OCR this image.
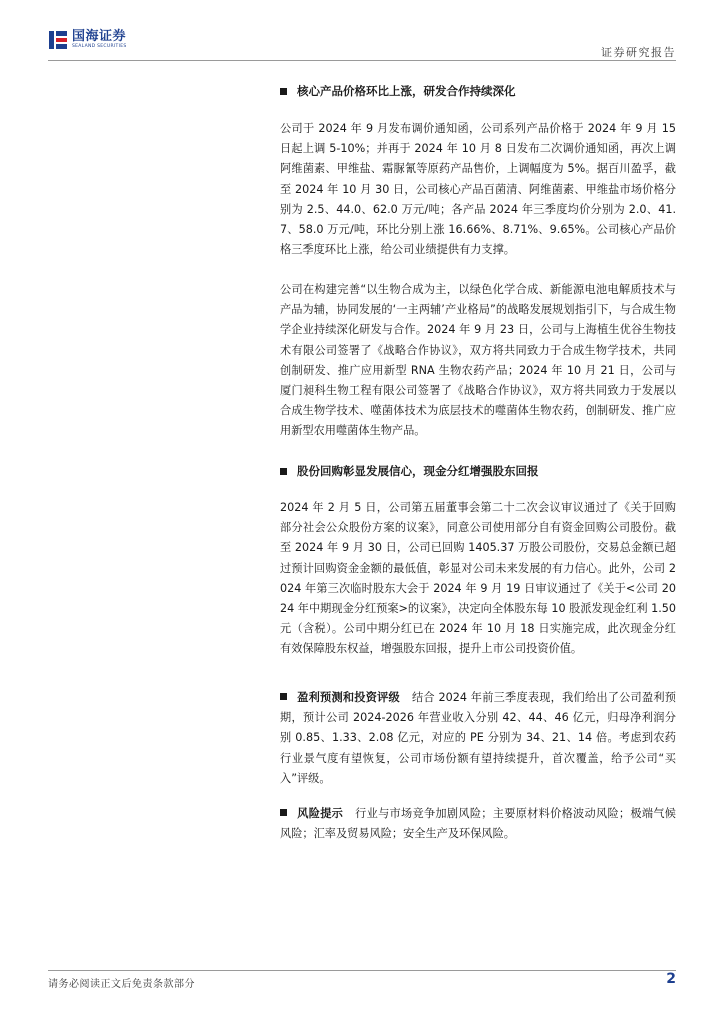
国海证券
SEALAND SECURITIES	证券研究报告
核心产品价格环比上涨，研发合作持续深化
公司于 2024 年 9 月发布调价通知函，公司系列产品价格于 2024 年 9 月 15 日起上调 5-10%；并再于 2024 年 10 月 8 日发布二次调价通知函，再次上调阿维菌素、甲维盐、霜脲氰等原药产品售价，上调幅度为 5%。据百川盈孚，截至 2024 年 10 月 30 日，公司核心产品百菌清、阿维菌素、甲维盐市场价格分别为 2.5、44.0、62.0 万元/吨；各产品 2024 年三季度均价分别为 2.0、41.7、58.0 万元/吨，环比分别上涨 16.66%、8.71%、9.65%。公司核心产品价格三季度环比上涨，给公司业绩提供有力支撑。
公司在构建完善“以生物合成为主，以绿色化学合成、新能源电池电解质技术与产品为辅，协同发展的‘一主两辅’产业格局”的战略发展规划指引下，与合成生物学企业持续深化研发与合作。2024 年 9 月 23 日，公司与上海植生优谷生物技术有限公司签署了《战略合作协议》，双方将共同致力于合成生物学技术，共同创制研发、推广应用新型 RNA 生物农药产品；2024 年 10 月 21 日，公司与厦门昶科生物工程有限公司签署了《战略合作协议》，双方将共同致力于发展以合成生物学技术、噬菌体技术为底层技术的噬菌体生物农药，创制研发、推广应用新型农用噬菌体生物产品。
股份回购彰显发展信心，现金分红增强股东回报
2024 年 2 月 5 日，公司第五届董事会第二十二次会议审议通过了《关于回购部分社会公众股份方案的议案》，同意公司使用部分自有资金回购公司股份。截至 2024 年 9 月 30 日，公司已回购 1405.37 万股公司股份，交易总金额已超过预计回购资金金额的最低值，彰显对公司未来发展的有力信心。此外，公司 2024 年第三次临时股东大会于 2024 年 9 月 19 日审议通过了《关于<公司 2024 年中期现金分红预案>的议案》，决定向全体股东每 10 股派发现金红利 1.50 元（含税）。公司中期分红已在 2024 年 10 月 18 日实施完成，此次现金分红有效保障股东权益，增强股东回报，提升上市公司投资价值。
盈利预测和投资评级 结合 2024 年前三季度表现，我们给出了公司盈利预期，预计公司 2024-2026 年营业收入分别 42、44、46 亿元，归母净利润分别 0.85、1.33、2.08 亿元，对应的 PE 分别为 34、21、14 倍。考虑到农药行业景气度有望恢复，公司市场份额有望持续提升，首次覆盖，给予公司“买入”评级。
风险提示 行业与市场竞争加剧风险；主要原材料价格波动风险；极端气候风险；汇率及贸易风险；安全生产及环保风险。
请务必阅读正文后免责条款部分	2
